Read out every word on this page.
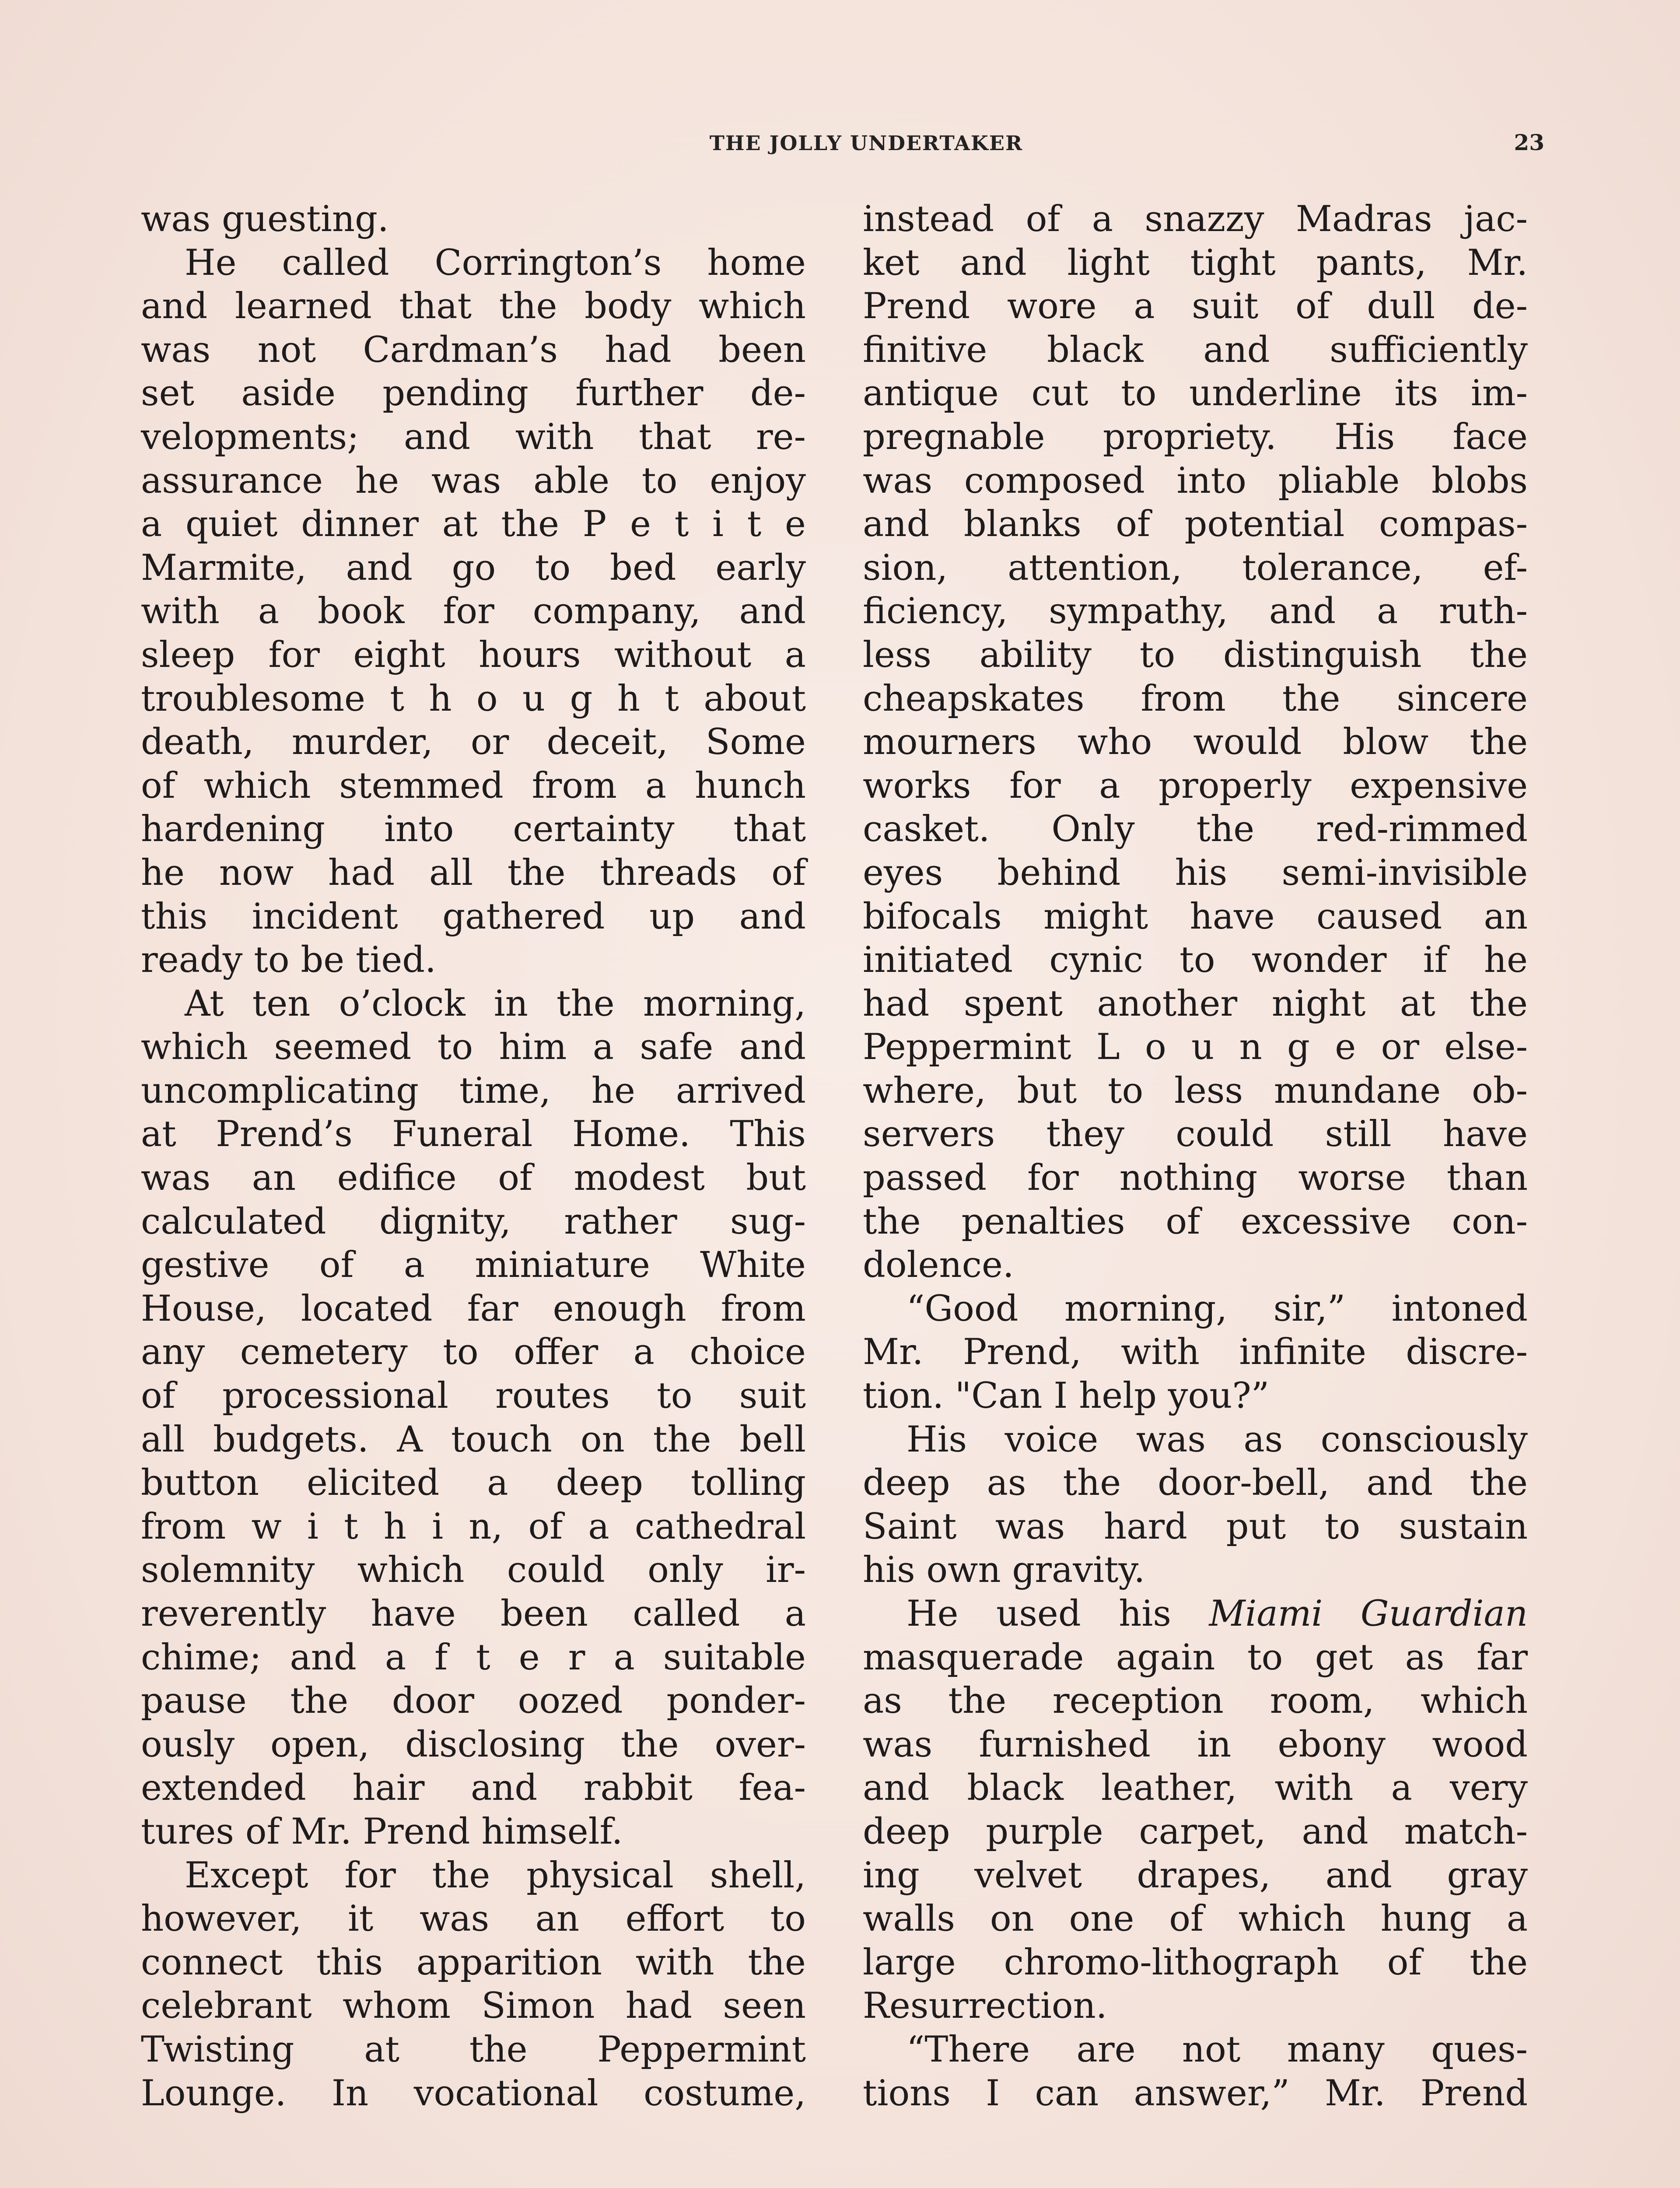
THE JOLLY UNDERTAKER	23
was guesting.
He called Corrington’s home
and learned that the body which
was not Cardman’s had been
set aside pending further de-
velopments; and with that re-
assurance he was able to enjoy
a quiet dinner at the P e t i t e
Marmite, and go to bed early
with a book for company, and
sleep for eight hours without a
troublesome t h o u g h t about
death, murder, or deceit, Some
of which stemmed from a hunch
hardening into certainty that
he now had all the threads of
this incident gathered up and
ready to be tied.
At ten o’clock in the morning,
which seemed to him a safe and
uncomplicating time, he arrived
at Prend’s Funeral Home. This
was an edifice of modest but
calculated dignity, rather sug-
gestive of a miniature White
House, located far enough from
any cemetery to offer a choice
of processional routes to suit
all budgets. A touch on the bell
button elicited a deep tolling
from w i t h i n, of a cathedral
solemnity which could only ir-
reverently have been called a
chime; and a f t e r a suitable
pause the door oozed ponder-
ously open, disclosing the over-
extended hair and rabbit fea-
tures of Mr. Prend himself.
Except for the physical shell,
however, it was an effort to
connect this apparition with the
celebrant whom Simon had seen
Twisting at the Peppermint
Lounge. In vocational costume,
instead of a snazzy Madras jac-
ket and light tight pants, Mr.
Prend wore a suit of dull de-
finitive black and sufficiently
antique cut to underline its im-
pregnable propriety. His face
was composed into pliable blobs
and blanks of potential compas-
sion, attention, tolerance, ef-
ficiency, sympathy, and a ruth-
less ability to distinguish the
cheapskates from the sincere
mourners who would blow the
works for a properly expensive
casket. Only the red-rimmed
eyes behind his semi-invisible
bifocals might have caused an
initiated cynic to wonder if he
had spent another night at the
Peppermint L o u n g e or else-
where, but to less mundane ob-
servers they could still have
passed for nothing worse than
the penalties of excessive con-
dolence.
“Good morning, sir,” intoned
Mr. Prend, with infinite discre-
tion. "Can I help you?”
His voice was as consciously
deep as the door-bell, and the
Saint was hard put to sustain
his own gravity.
He used his Miami Guardian
masquerade again to get as far
as the reception room, which
was furnished in ebony wood
and black leather, with a very
deep purple carpet, and match-
ing velvet drapes, and gray
walls on one of which hung a
large chromo-lithograph of the
Resurrection.
“There are not many ques-
tions I can answer,” Mr. Prend
